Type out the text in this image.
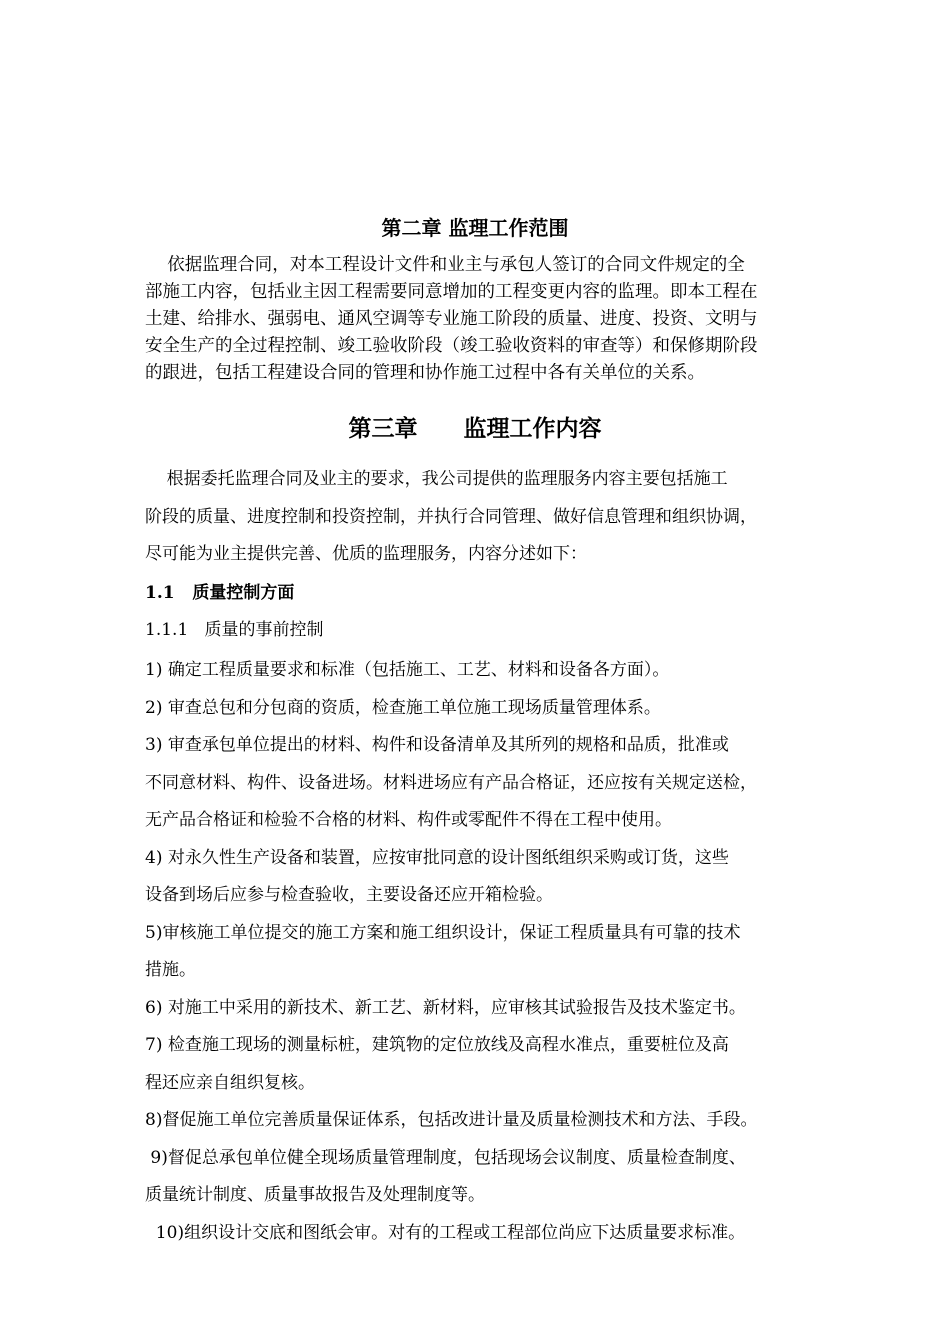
第二章 监理工作范围
依据监理合同，对本工程设计文件和业主与承包人签订的合同文件规定的全
部施工内容，包括业主因工程需要同意增加的工程变更内容的监理。即本工程在
土建、给排水、强弱电、通风空调等专业施工阶段的质量、进度、投资、文明与
安全生产的全过程控制、竣工验收阶段（竣工验收资料的审查等）和保修期阶段
的跟进，包括工程建设合同的管理和协作施工过程中各有关单位的关系。
第三章 监理工作内容
根据委托监理合同及业主的要求，我公司提供的监理服务内容主要包括施工
阶段的质量、进度控制和投资控制，并执行合同管理、做好信息管理和组织协调，
尽可能为业主提供完善、优质的监理服务，内容分述如下：
1.1   质量控制方面
1.1.1   质量的事前控制
1) 确定工程质量要求和标准（包括施工、工艺、材料和设备各方面）。
2) 审查总包和分包商的资质，检查施工单位施工现场质量管理体系。
3) 审查承包单位提出的材料、构件和设备清单及其所列的规格和品质，批准或
不同意材料、构件、设备进场。材料进场应有产品合格证，还应按有关规定送检，
无产品合格证和检验不合格的材料、构件或零配件不得在工程中使用。
4) 对永久性生产设备和装置，应按审批同意的设计图纸组织采购或订货，这些
设备到场后应参与检查验收，主要设备还应开箱检验。
5)审核施工单位提交的施工方案和施工组织设计，保证工程质量具有可靠的技术
措施。
6) 对施工中采用的新技术、新工艺、新材料，应审核其试验报告及技术鉴定书。
7) 检查施工现场的测量标桩，建筑物的定位放线及高程水准点，重要桩位及高
程还应亲自组织复核。
8)督促施工单位完善质量保证体系，包括改进计量及质量检测技术和方法、手段。
9)督促总承包单位健全现场质量管理制度，包括现场会议制度、质量检查制度、
质量统计制度、质量事故报告及处理制度等。
10)组织设计交底和图纸会审。对有的工程或工程部位尚应下达质量要求标准。
